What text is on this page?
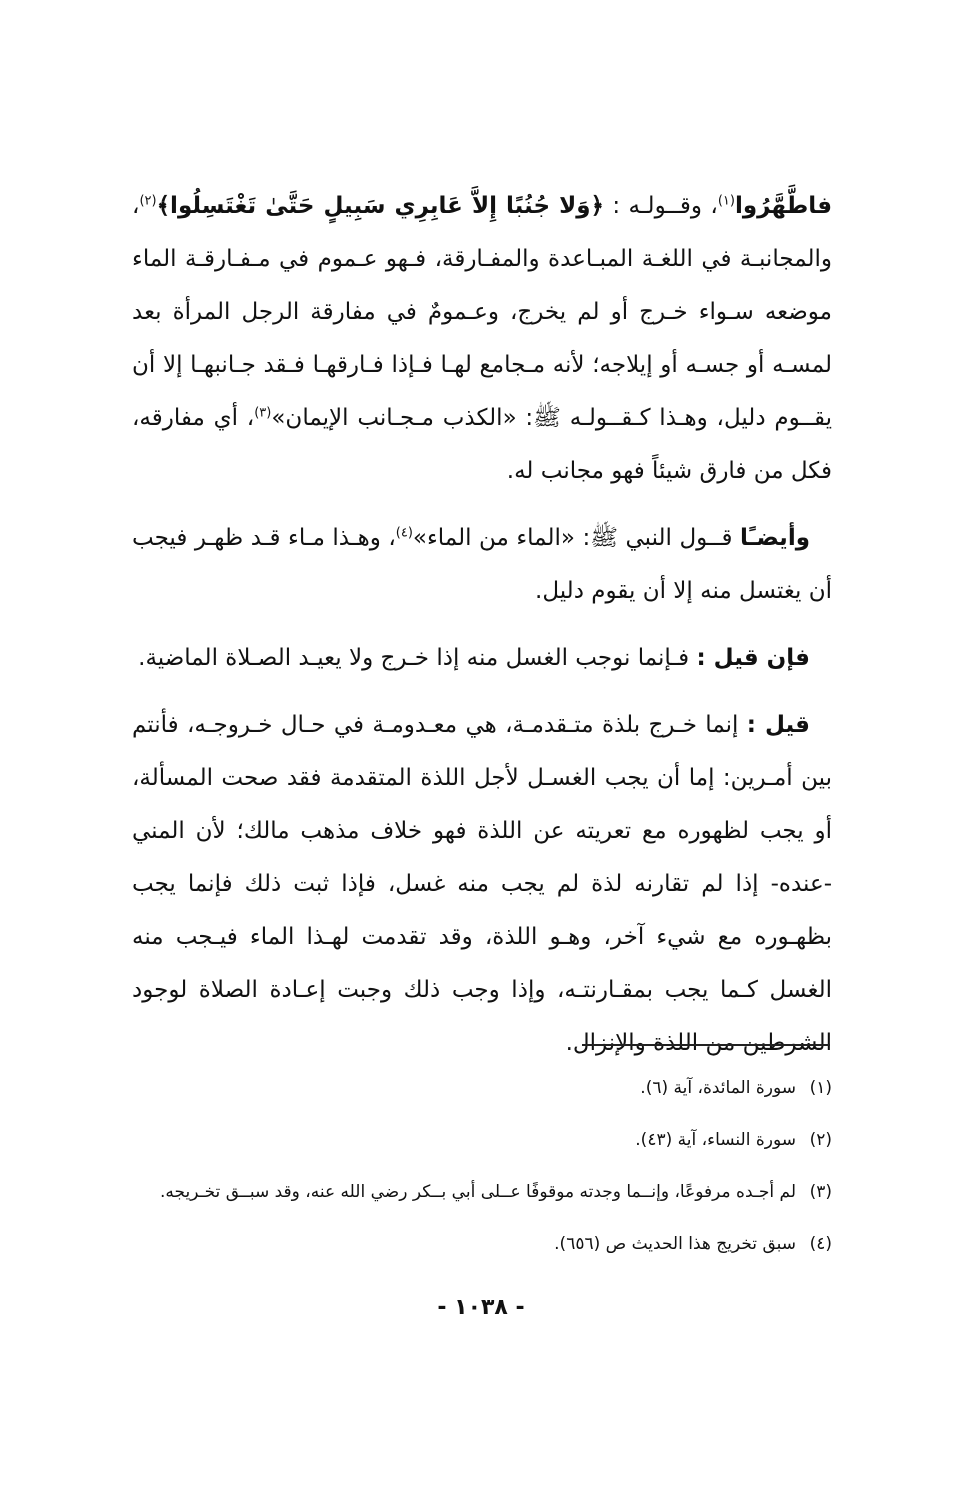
فاطَّهَّرُوا$^{(١)}$، وقــولـه : ﴿وَلا جُنُبًا إِلاَّ عَابِرِي سَبِيلٍ حَتَّىٰ تَغْتَسِلُوا﴾$^{(٢)}$، والمجانبـة في اللغـة المبـاعدة والمفـارقة، فـهو عـموم في مـفـارقـة الماء موضعه سـواء خـرج أو لم يخرج، وعـمومٌ في مفارقة الرجل المرأة بعد لمسـه أو جسـه أو إيلاجه؛ لأنه مـجامع لهـا فـإذا فـارقهـا فـقد جـانبهـا إلا أن يقــوم دليل، وهـذا كـقــولـه ﷺ: «الكذب مـجـانب الإيمان»$^{(٣)}$، أي مفارقه، فكل من فارق شيئاً فهو مجانب له.

وأيضـًا قــول النبي ﷺ: «الماء من الماء»$^{(٤)}$، وهـذا مـاء قـد ظهـر فيجب أن يغتسل منه إلا أن يقوم دليل.

فإن قيل : فـإنما نوجب الغسل منه إذا خـرج ولا يعيـد الصـلاة الماضية.

قيل : إنما خـرج بلذة متـقدمـة، هي معـدومـة في حـال خـروجـه، فأنتم بين أمـرين: إما أن يجب الغسـل لأجل اللذة المتقدمة فقد صحت المسألة، أو يجب لظهوره مع تعريته عن اللذة فهو خلاف مذهب مالك؛ لأن المني -عنده- إذا لم تقارنه لذة لم يجب منه غسل، فإذا ثبت ذلك فإنما يجب بظهـوره مع شيء آخر، وهـو اللذة، وقد تقدمت لهـذا الماء فيـجب منه الغسل كـما يجب بمقـارنتـه، وإذا وجب ذلك وجبت إعـادة الصلاة لوجود الشرطين من اللذة والإنزال.

(١)سورة المائدة، آية (٦).
(٢)سورة النساء، آية (٤٣).
(٣)لم أجـده مرفوعًا، وإنــما وجدته موقوفًا عــلى أبي بــكر رضي الله عنه، وقد سبــق تخـريجه.
(٤)سبق تخريج هذا الحديث ص (٦٥٦).
- ١٠٣٨ -
